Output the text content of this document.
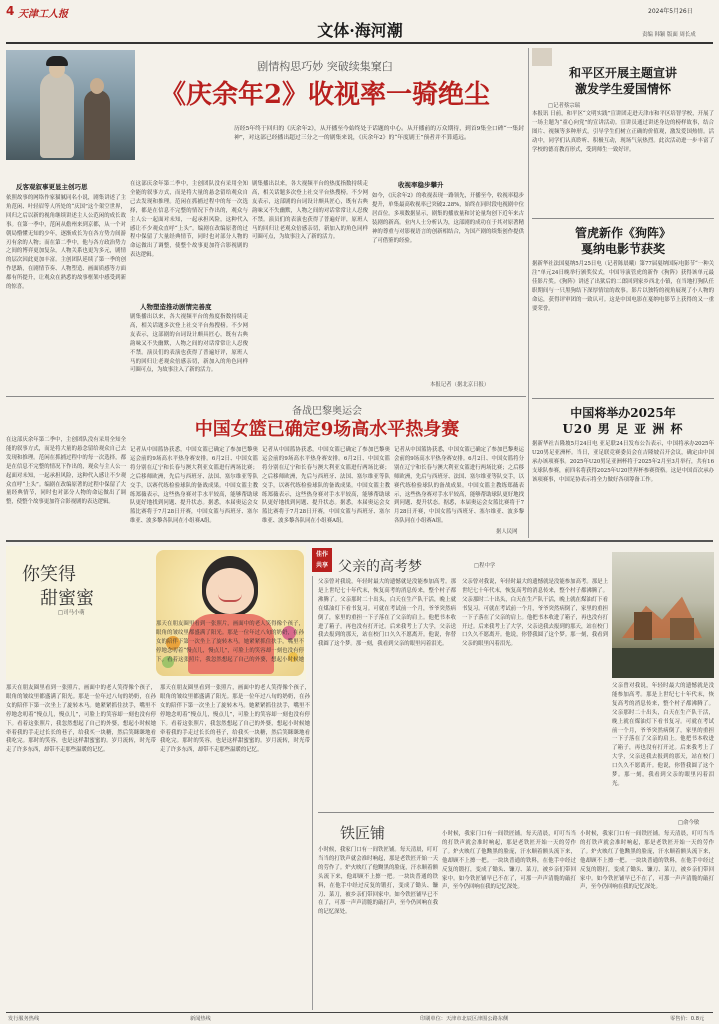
4 天津工人报	2024年5月26日
文体·海河潮	责编 韩颖 版面 周长成
剧情构思巧妙 突破续集窠臼
《庆余年2》收视率一骑绝尘
历经5年终于回归的《庆余年2》，从开播至今始终处于话题的中心。从开播前的万众期待，到首9集全口碑“一集封神”，对这部已经播出超过三分之一的剧集来说，《庆余年2》的“年度剧王”预者并不算遥远。
反客观叙事更显主创巧思
依照故事的网络作家猫腻同名小说，剧集讲述了主角范闲、叶轻眉等人所处的“庆国”这个架空世界，回归之后以新的视角继续讲述主人公范闲的成长故事。在第一季中，范闲从儋州来到京都，从一个对朝局懵懂无知的少年，逐渐成长为在各方势力间游刃有余的人物；而在第二季中，他与各方政治势力之间的博弈更加复杂，人物关系也更为多元，剧情的层次因此更加丰富。主创团队延续了第一季的创作思路，在剧情节奏、人物塑造、画面质感等方面都有所提升，让观众在熟悉的故事框架中感受到新的惊喜。
在这部庆余年第二季中，主创团队没有采用全知全能的叙事方式，而是将大量的悬念留给观众自己去发现和推理。范闲在抓捕过程中的每一次选择，都是在信息不完整的情况下作出的，观众与主人公一起面对未知，一起承担风险，这种代入感让不少观众直呼“上头”。编剧在改编原著的过程中保留了大量经典情节，同时也对部分人物的命运做出了调整，使整个故事更加符合影视剧的表达逻辑。
人物塑造推动剧情完善度
剧集播出以来，各大视频平台的热度指数持续走高，相关话题多次登上社交平台热搜榜。不少网友表示，这部剧的台词设计颇具匠心，既有古典韵味又不失幽默，人物之间的对话常常让人忍俊不禁。演员们的表演也获得了普遍好评，原班人马的回归让老观众倍感亲切，新加入的角色同样可圈可点，为故事注入了新的活力。
剧集播出以来，各大视频平台的热度指数持续走高，相关话题多次登上社交平台热搜榜。不少网友表示，这部剧的台词设计颇具匠心，既有古典韵味又不失幽默，人物之间的对话常常让人忍俊不禁。演员们的表演也获得了普遍好评，原班人马的回归让老观众倍感亲切，新加入的角色同样可圈可点，为故事注入了新的活力。
收视率稳步攀升
如今，《庆余年2》的收视表现一路领先，开播至今，收视率稳步提升，单集最高收视率已突破2.28%，始终在同时段电视剧中位居首位。多项数据显示，剧集的播放量和讨论量均创下近年来古装剧的新高。业内人士分析认为，这部剧的成功在于其对原著精神的尊重与对影视语言的创新相结合，为国产剧的续集创作提供了可借鉴的经验。
本报记者（据北京日报）
和平区开展主题宣讲
激发学生爱国情怀
□记者蔡宗瑞
本报讯 日前，和平区“文明实践”宣讲团走进天津市和平区培智学校，开展了一场主题为“童心向党”的宣讲活动。宣讲员通过讲述身边的榜样故事，结合图片、视频等多种形式，引导学生们树立正确的价值观，激发爱国热情。活动中，同学们认真聆听、积极互动，现场气氛热烈。此次活动进一步丰富了学校的德育教育形式，受到师生一致好评。
管虎新作《狗阵》
戛纳电影节获奖
据新华社法国戛纳5月25日电（记者陈晨曦）第77届戛纳国际电影节“一种关注”单元24日晚举行颁奖仪式，中国导演管虎的新作《狗阵》获得该单元最佳影片奖。《狗阵》讲述了出狱后的二郎回到家乡西北小镇，在当地打狗队任职期间与一只黑狗结下深厚情谊的故事。影片以独特的视角展现了小人物的命运，获得评审团的一致认可。这是中国电影在戛纳电影节上获得的又一重要荣誉。
中国将举办2025年
U20 男 足 亚 洲 杯
据新华社吉隆坡5月24日电 亚足联24日发布公告表示，中国将承办2025年U20男足亚洲杯。当日，亚足联竞赛委员会在吉隆坡召开会议，确定由中国承办该项赛事。2025年U20男足亚洲杯将于2025年2月至3月举行，共有16支球队参赛，前四名将获得2025年U20世界杯参赛资格。这是中国首次承办该项赛事，中国足协表示将全力做好各项筹备工作。
在这部庆余年第二季中，主创团队没有采用全知全能的叙事方式，而是将大量的悬念留给观众自己去发现和推理。范闲在抓捕过程中的每一次选择，都是在信息不完整的情况下作出的，观众与主人公一起面对未知，一起承担风险，这种代入感让不少观众直呼“上头”。编剧在改编原著的过程中保留了大量经典情节，同时也对部分人物的命运做出了调整，使整个故事更加符合影视剧的表达逻辑。
备战巴黎奥运会
中国女篮已确定9场高水平热身赛
记者从中国篮协获悉，中国女篮已确定了参加巴黎奥运会前的9场高水平热身赛安排。6月2日、中国女篮将分别在辽宁和长春与澳大利亚女篮进行两场比赛；之后移师欧洲，先后与西班牙、法国、塞尔维亚等队交手，以赛代练检验球队的备战成果。中国女篮主教练郑薇表示，这些热身赛对手水平较高，能够帮助球队更好地找到问题、提升状态。据悉，本届奥运会女篮比赛将于7月28日开赛，中国女篮与西班牙、塞尔维亚、波多黎各队同在小组赛A组。
记者从中国篮协获悉，中国女篮已确定了参加巴黎奥运会前的9场高水平热身赛安排。6月2日、中国女篮将分别在辽宁和长春与澳大利亚女篮进行两场比赛；之后移师欧洲，先后与西班牙、法国、塞尔维亚等队交手，以赛代练检验球队的备战成果。中国女篮主教练郑薇表示，这些热身赛对手水平较高，能够帮助球队更好地找到问题、提升状态。据悉，本届奥运会女篮比赛将于7月28日开赛，中国女篮与西班牙、塞尔维亚、波多黎各队同在小组赛A组。
记者从中国篮协获悉，中国女篮已确定了参加巴黎奥运会前的9场高水平热身赛安排。6月2日、中国女篮将分别在辽宁和长春与澳大利亚女篮进行两场比赛；之后移师欧洲，先后与西班牙、法国、塞尔维亚等队交手，以赛代练检验球队的备战成果。中国女篮主教练郑薇表示，这些热身赛对手水平较高，能够帮助球队更好地找到问题、提升状态。据悉，本届奥运会女篮比赛将于7月28日开赛，中国女篮与西班牙、塞尔维亚、波多黎各队同在小组赛A组。
据人民网
你笑得
甜蜜蜜
□司马小萌
佳作
共享 父亲的高考梦	□程中学
那天在朋友圈里看到一张照片，画面中的老人笑得像个孩子，眼角的皱纹里都盛满了阳光。那是一位年过八旬的奶奶，在孙女的陪伴下第一次坐上了旋转木马。她紧紧抓住扶手，嘴里不停地念叨着“慢点儿，慢点儿”，可脸上的笑容却一刻也没有停下。看着这张照片，我忽然想起了自己的外婆，想起小时候她
那天在朋友圈里看到一张照片，画面中的老人笑得像个孩子，眼角的皱纹里都盛满了阳光。那是一位年过八旬的奶奶，在孙女的陪伴下第一次坐上了旋转木马。她紧紧抓住扶手，嘴里不停地念叨着“慢点儿，慢点儿”，可脸上的笑容却一刻也没有停下。看着这张照片，我忽然想起了自己的外婆，想起小时候她牵着我的手走过长长的巷子，给我买一块糖，然后笑眯眯地看我吃完。那时的笑容，也是这样甜蜜蜜的。岁月流转，时光带走了许多东西，却带不走那些温暖的记忆。
那天在朋友圈里看到一张照片，画面中的老人笑得像个孩子，眼角的皱纹里都盛满了阳光。那是一位年过八旬的奶奶，在孙女的陪伴下第一次坐上了旋转木马。她紧紧抓住扶手，嘴里不停地念叨着“慢点儿，慢点儿”，可脸上的笑容却一刻也没有停下。看着这张照片，我忽然想起了自己的外婆，想起小时候她牵着我的手走过长长的巷子，给我买一块糖，然后笑眯眯地看我吃完。那时的笑容，也是这样甜蜜蜜的。岁月流转，时光带走了许多东西，却带不走那些温暖的记忆。
父亲曾对我说，年轻时最大的遗憾就是没能参加高考。那是上世纪七十年代末，恢复高考的消息传来，整个村子都沸腾了。父亲那时二十出头，白天在生产队干活，晚上就在煤油灯下看书复习。可就在考试前一个月，爷爷突然病倒了，家里的重担一下子落在了父亲的肩上。他把书本收进了箱子，再也没有打开过。后来我考上了大学，父亲送我去报到的那天，站在校门口久久不愿离开。他说，你替我圆了这个梦。那一刻，我看到父亲的眼里闪着泪光。
父亲曾对我说，年轻时最大的遗憾就是没能参加高考。那是上世纪七十年代末，恢复高考的消息传来，整个村子都沸腾了。父亲那时二十出头，白天在生产队干活，晚上就在煤油灯下看书复习。可就在考试前一个月，爷爷突然病倒了，家里的重担一下子落在了父亲的肩上。他把书本收进了箱子，再也没有打开过。后来我考上了大学，父亲送我去报到的那天，站在校门口久久不愿离开。他说，你替我圆了这个梦。那一刻，我看到父亲的眼里闪着泪光。
父亲曾对我说，年轻时最大的遗憾就是没能参加高考。那是上世纪七十年代末，恢复高考的消息传来，整个村子都沸腾了。父亲那时二十出头，白天在生产队干活，晚上就在煤油灯下看书复习。可就在考试前一个月，爷爷突然病倒了，家里的重担一下子落在了父亲的肩上。他把书本收进了箱子，再也没有打开过。后来我考上了大学，父亲送我去报到的那天，站在校门口久久不愿离开。他说，你替我圆了这个梦。那一刻，我看到父亲的眼里闪着泪光。
铁匠铺
□俞今敏
小时候，我家门口有一间铁匠铺。每天清晨，叮叮当当的打铁声就会准时响起，那是老铁匠开始一天的劳作了。炉火映红了他黝黑的脸庞，汗水顺着额头流下来，他却顾不上擦一把。一块块普通的铁料，在他手中经过反复的锻打，变成了锄头、镰刀、菜刀，被乡亲们带回家中。如今铁匠铺早已不在了，可那一声声清脆的敲打声，至今仍回响在我的记忆深处。
小时候，我家门口有一间铁匠铺。每天清晨，叮叮当当的打铁声就会准时响起，那是老铁匠开始一天的劳作了。炉火映红了他黝黑的脸庞，汗水顺着额头流下来，他却顾不上擦一把。一块块普通的铁料，在他手中经过反复的锻打，变成了锄头、镰刀、菜刀，被乡亲们带回家中。如今铁匠铺早已不在了，可那一声声清脆的敲打声，至今仍回响在我的记忆深处。
小时候，我家门口有一间铁匠铺。每天清晨，叮叮当当的打铁声就会准时响起，那是老铁匠开始一天的劳作了。炉火映红了他黝黑的脸庞，汗水顺着额头流下来，他却顾不上擦一把。一块块普通的铁料，在他手中经过反复的锻打，变成了锄头、镰刀、菜刀，被乡亲们带回家中。如今铁匠铺早已不在了，可那一声声清脆的敲打声，至今仍回响在我的记忆深处。
发行服务热线	新闻热线	印刷单位：天津市北辰区津围公路东侧	零售价：0.8元
